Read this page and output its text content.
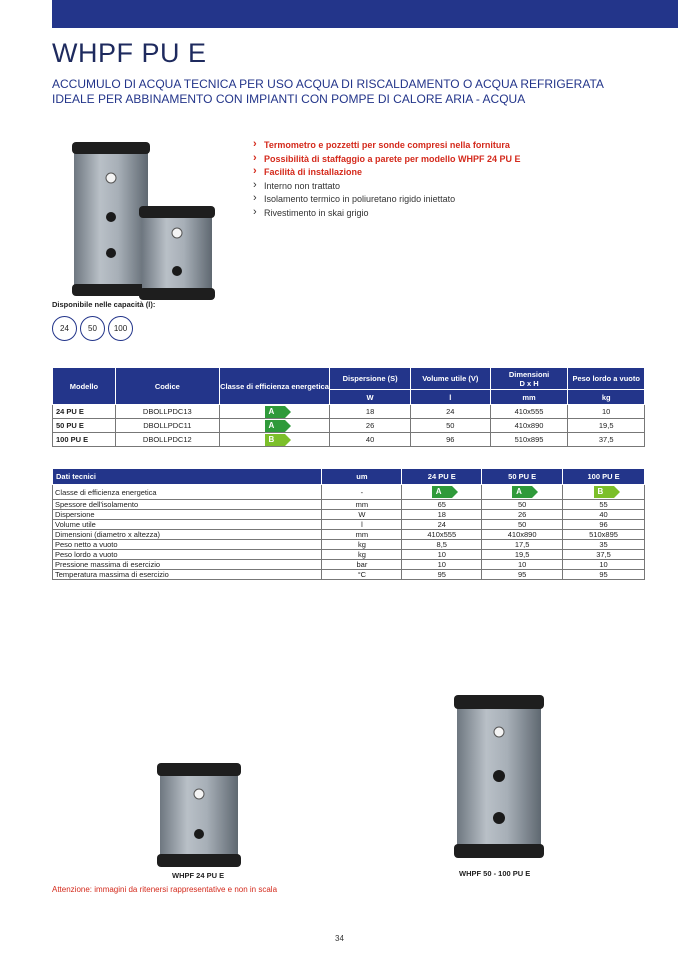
WHPF PU E
ACCUMULO DI ACQUA TECNICA PER USO ACQUA DI RISCALDAMENTO O ACQUA REFRIGERATA
IDEALE PER ABBINAMENTO CON IMPIANTI CON POMPE DI CALORE ARIA - ACQUA
› Termometro e pozzetti per sonde compresi nella fornitura
› Possibilità di staffaggio a parete per modello WHPF 24 PU E
› Facilità di installazione
› Interno non trattato
› Isolamento termico in poliuretano rigido iniettato
› Rivestimento in skai grigio
Disponibile nelle capacità (l):
24	50	100
Modello	Codice	Classe di efficienza energetica	Dispersione (S)	Volume utile (V)	Dimensioni
D x H	Peso lordo a vuoto
			W	l	mm	kg
24 PU E	DBOLLPDC13	A	18	24	410x555	10
50 PU E	DBOLLPDC11	A	26	50	410x890	19,5
100 PU E	DBOLLPDC12	B	40	96	510x895	37,5
Dati tecnici	um	24 PU E	50 PU E	100 PU E
Classe di efficienza energetica	-	A	A	B
Spessore dell'isolamento	mm	65	50	55
Dispersione	W	18	26	40
Volume utile	l	24	50	96
Dimensioni (diametro x altezza)	mm	410x555	410x890	510x895
Peso netto a vuoto	kg	8,5	17,5	35
Peso lordo a vuoto	kg	10	19,5	37,5
Pressione massima di esercizio	bar	10	10	10
Temperatura massima di esercizio	°C	95	95	95
WHPF 24 PU E	WHPF 50 - 100 PU E
Attenzione: immagini da ritenersi rappresentative e non in scala
34
